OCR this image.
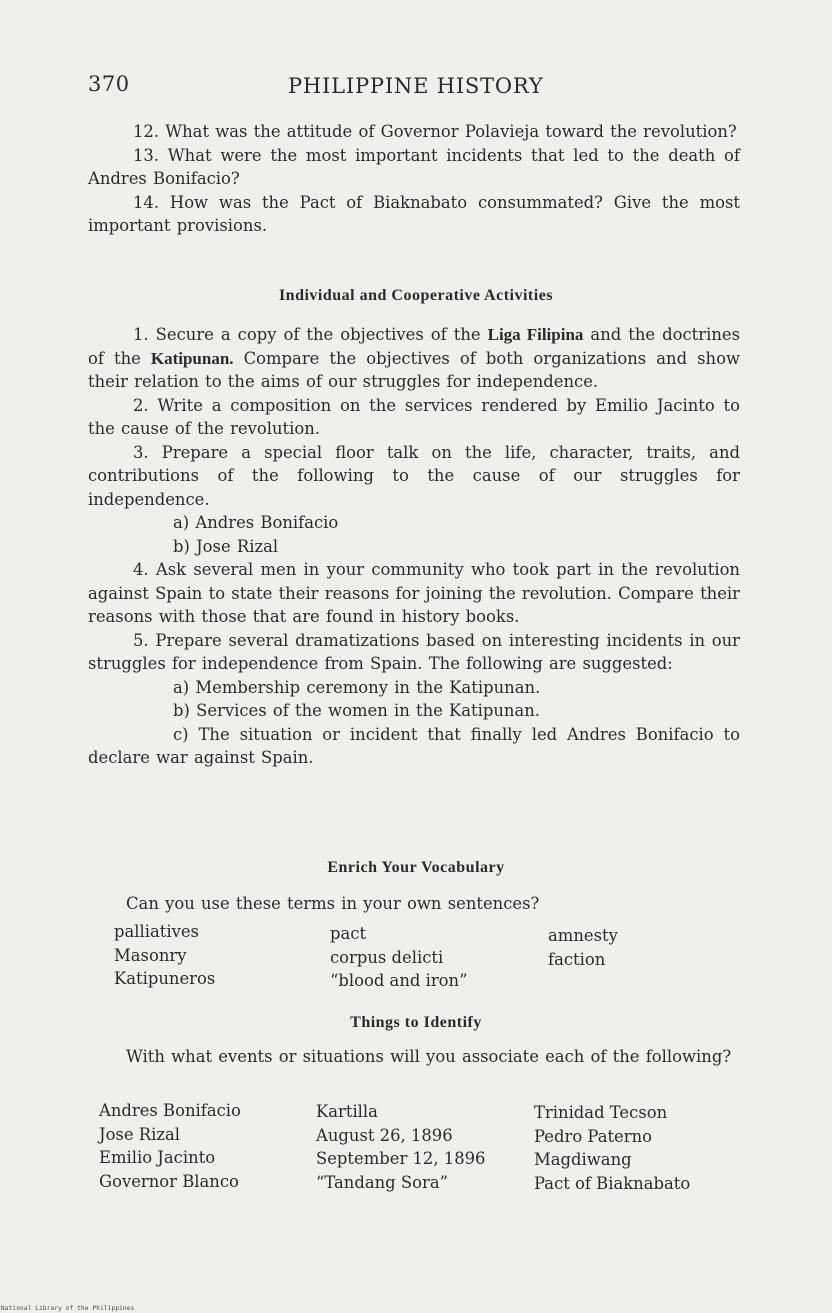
370	PHILIPPINE HISTORY

12. What was the attitude of Governor Polavieja toward the revolution?

13. What were the most important incidents that led to the death of Andres Bonifacio?

14. How was the Pact of Biaknabato consummated? Give the most important provisions.

Individual and Cooperative Activities

1. Secure a copy of the objectives of the Liga Filipina and the doctrines of the Katipunan. Compare the objectives of both organizations and show their relation to the aims of our struggles for independence.

2. Write a composition on the services rendered by Emilio Jacinto to the cause of the revolution.

3. Prepare a special floor talk on the life, character, traits, and contributions of the following to the cause of our struggles for independence.

a) Andres Bonifacio

b) Jose Rizal

4. Ask several men in your community who took part in the revolution against Spain to state their reasons for joining the revolution. Compare their reasons with those that are found in history books.

5. Prepare several dramatizations based on interesting incidents in our struggles for independence from Spain. The following are suggested:

a) Membership ceremony in the Katipunan.

b) Services of the women in the Katipunan.

c) The situation or incident that finally led Andres Bonifacio to declare war against Spain.

Enrich Your Vocabulary
Can you use these terms in your own sentences?
palliatives
Masonry
Katipuneros
pact
corpus delicti
“blood and iron”
amnesty
faction
Things to Identify

With what events or situations will you associate each of the following?

Andres Bonifacio
Jose Rizal
Emilio Jacinto
Governor Blanco
Kartilla
August 26, 1896
September 12, 1896
“Tandang Sora”
Trinidad Tecson
Pedro Paterno
Magdiwang
Pact of Biaknabato
National Library of the Philippines
